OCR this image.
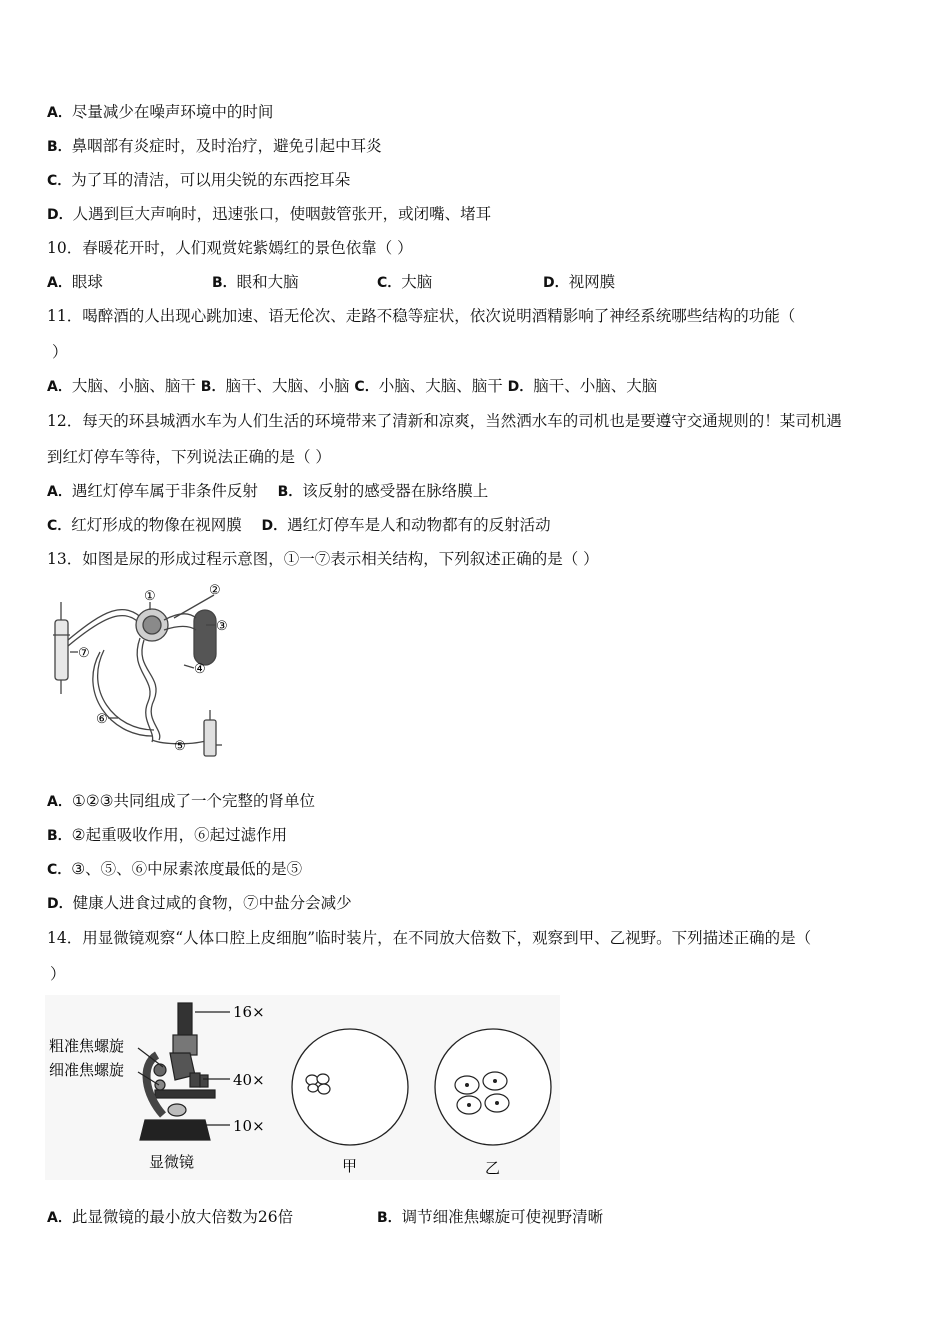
A．尽量减少在噪声环境中的时间
B．鼻咽部有炎症时，及时治疗，避免引起中耳炎
C．为了耳的清洁，可以用尖锐的东西挖耳朵
D．人遇到巨大声响时，迅速张口，使咽鼓管张开，或闭嘴、堵耳
10．春暖花开时，人们观赏姹紫嫣红的景色依靠（ ）
A．眼球	B．眼和大脑	C．大脑	D．视网膜
11．喝醉酒的人出现心跳加速、语无伦次、走路不稳等症状，依次说明酒精影响了神经系统哪些结构的功能（
）
A．大脑、小脑、脑干 B．脑干、大脑、小脑 C．小脑、大脑、脑干 D．脑干、小脑、大脑
12．每天的环县城洒水车为人们生活的环境带来了清新和凉爽，当然洒水车的司机也是要遵守交通规则的！某司机遇
到红灯停车等待，下列说法正确的是（ ）
A．遇红灯停车属于非条件反射 B．该反射的感受器在脉络膜上
C．红灯形成的物像在视网膜 D．遇红灯停车是人和动物都有的反射活动
13．如图是尿的形成过程示意图，①一⑦表示相关结构，下列叙述正确的是（ ）
①	②
③
④
⑤
⑥
⑦
A．①②③共同组成了一个完整的肾单位
B．②起重吸收作用，⑥起过滤作用
C．③、⑤、⑥中尿素浓度最低的是⑤
D．健康人进食过咸的食物，⑦中盐分会减少
14．用显微镜观察“人体口腔上皮细胞”临时装片，在不同放大倍数下，观察到甲、乙视野。下列描述正确的是（
）
16×
粗准焦螺旋
细准焦螺旋
40×
10×
显微镜	甲	乙
A．此显微镜的最小放大倍数为26倍	B．调节细准焦螺旋可使视野清晰
